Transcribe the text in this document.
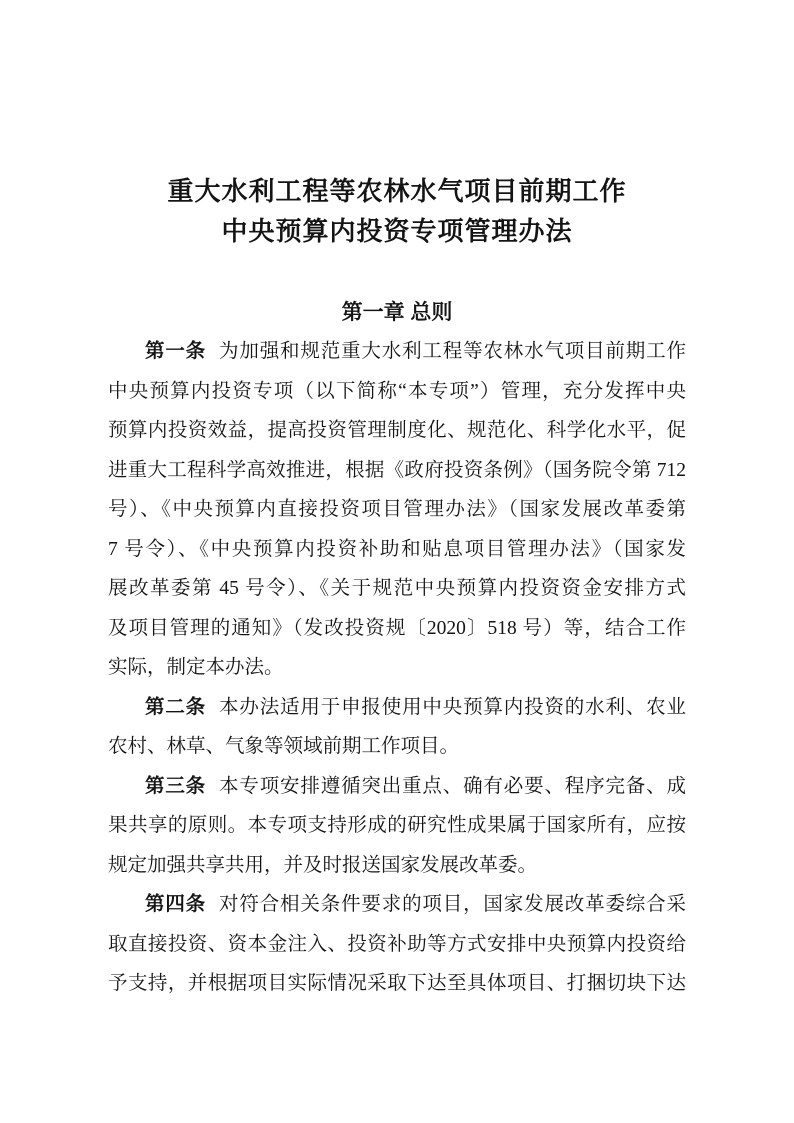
重大水利工程等农林水气项目前期工作
中央预算内投资专项管理办法
第一章 总则
第一条 为加强和规范重大水利工程等农林水气项目前期工作
中央预算内投资专项（以下简称“本专项”）管理，充分发挥中央
预算内投资效益，提高投资管理制度化、规范化、科学化水平，促
进重大工程科学高效推进，根据《政府投资条例》（国务院令第 712
号）、《中央预算内直接投资项目管理办法》（国家发展改革委第
7 号令）、《中央预算内投资补助和贴息项目管理办法》（国家发
展改革委第 45 号令）、《关于规范中央预算内投资资金安排方式
及项目管理的通知》（发改投资规〔2020〕518 号）等，结合工作
实际，制定本办法。
第二条 本办法适用于申报使用中央预算内投资的水利、农业
农村、林草、气象等领域前期工作项目。
第三条 本专项安排遵循突出重点、确有必要、程序完备、成
果共享的原则。本专项支持形成的研究性成果属于国家所有，应按
规定加强共享共用，并及时报送国家发展改革委。
第四条 对符合相关条件要求的项目，国家发展改革委综合采
取直接投资、资本金注入、投资补助等方式安排中央预算内投资给
予支持，并根据项目实际情况采取下达至具体项目、打捆切块下达
